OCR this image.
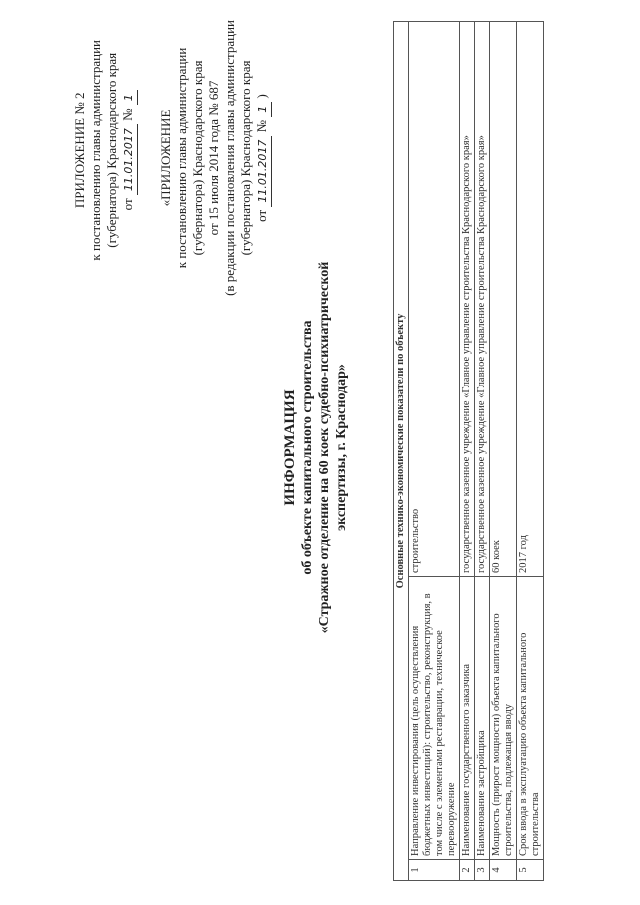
ПРИЛОЖЕНИЕ № 2 к постановлению главы администрации (губернатора) Краснодарского края от 11.01.2017 № 1
«ПРИЛОЖЕНИЕ к постановлению главы администрации (губернатора) Краснодарского края от 15 июля 2014 года № 687 (в редакции постановления главы администрации (губернатора) Краснодарского края от 11.01.2017 № 1 )
ИНФОРМАЦИЯ об объекте капитального строительства «Стражное отделение на 60 коек судебно-психиатрической экспертизы, г. Краснодар»	Основные технико-экономические показатели по объекту		
1	Направление инвестирования (цель осуществления бюджетных инвестиций): строительство, реконструкция, в том числе с элементами реставрации, техническое перевооружение	строительство
2	Наименование государственного заказчика	государственное казенное учреждение «Главное управление строительства Краснодарского края»
3	Наименование застройщика	государственное казенное учреждение «Главное управление строительства Краснодарского края»
4	Мощность (прирост мощности) объекта капитального строительства, подлежащая вводу	60 коек
5	Срок ввода в эксплуатацию объекта капитального строительства	2017 год
